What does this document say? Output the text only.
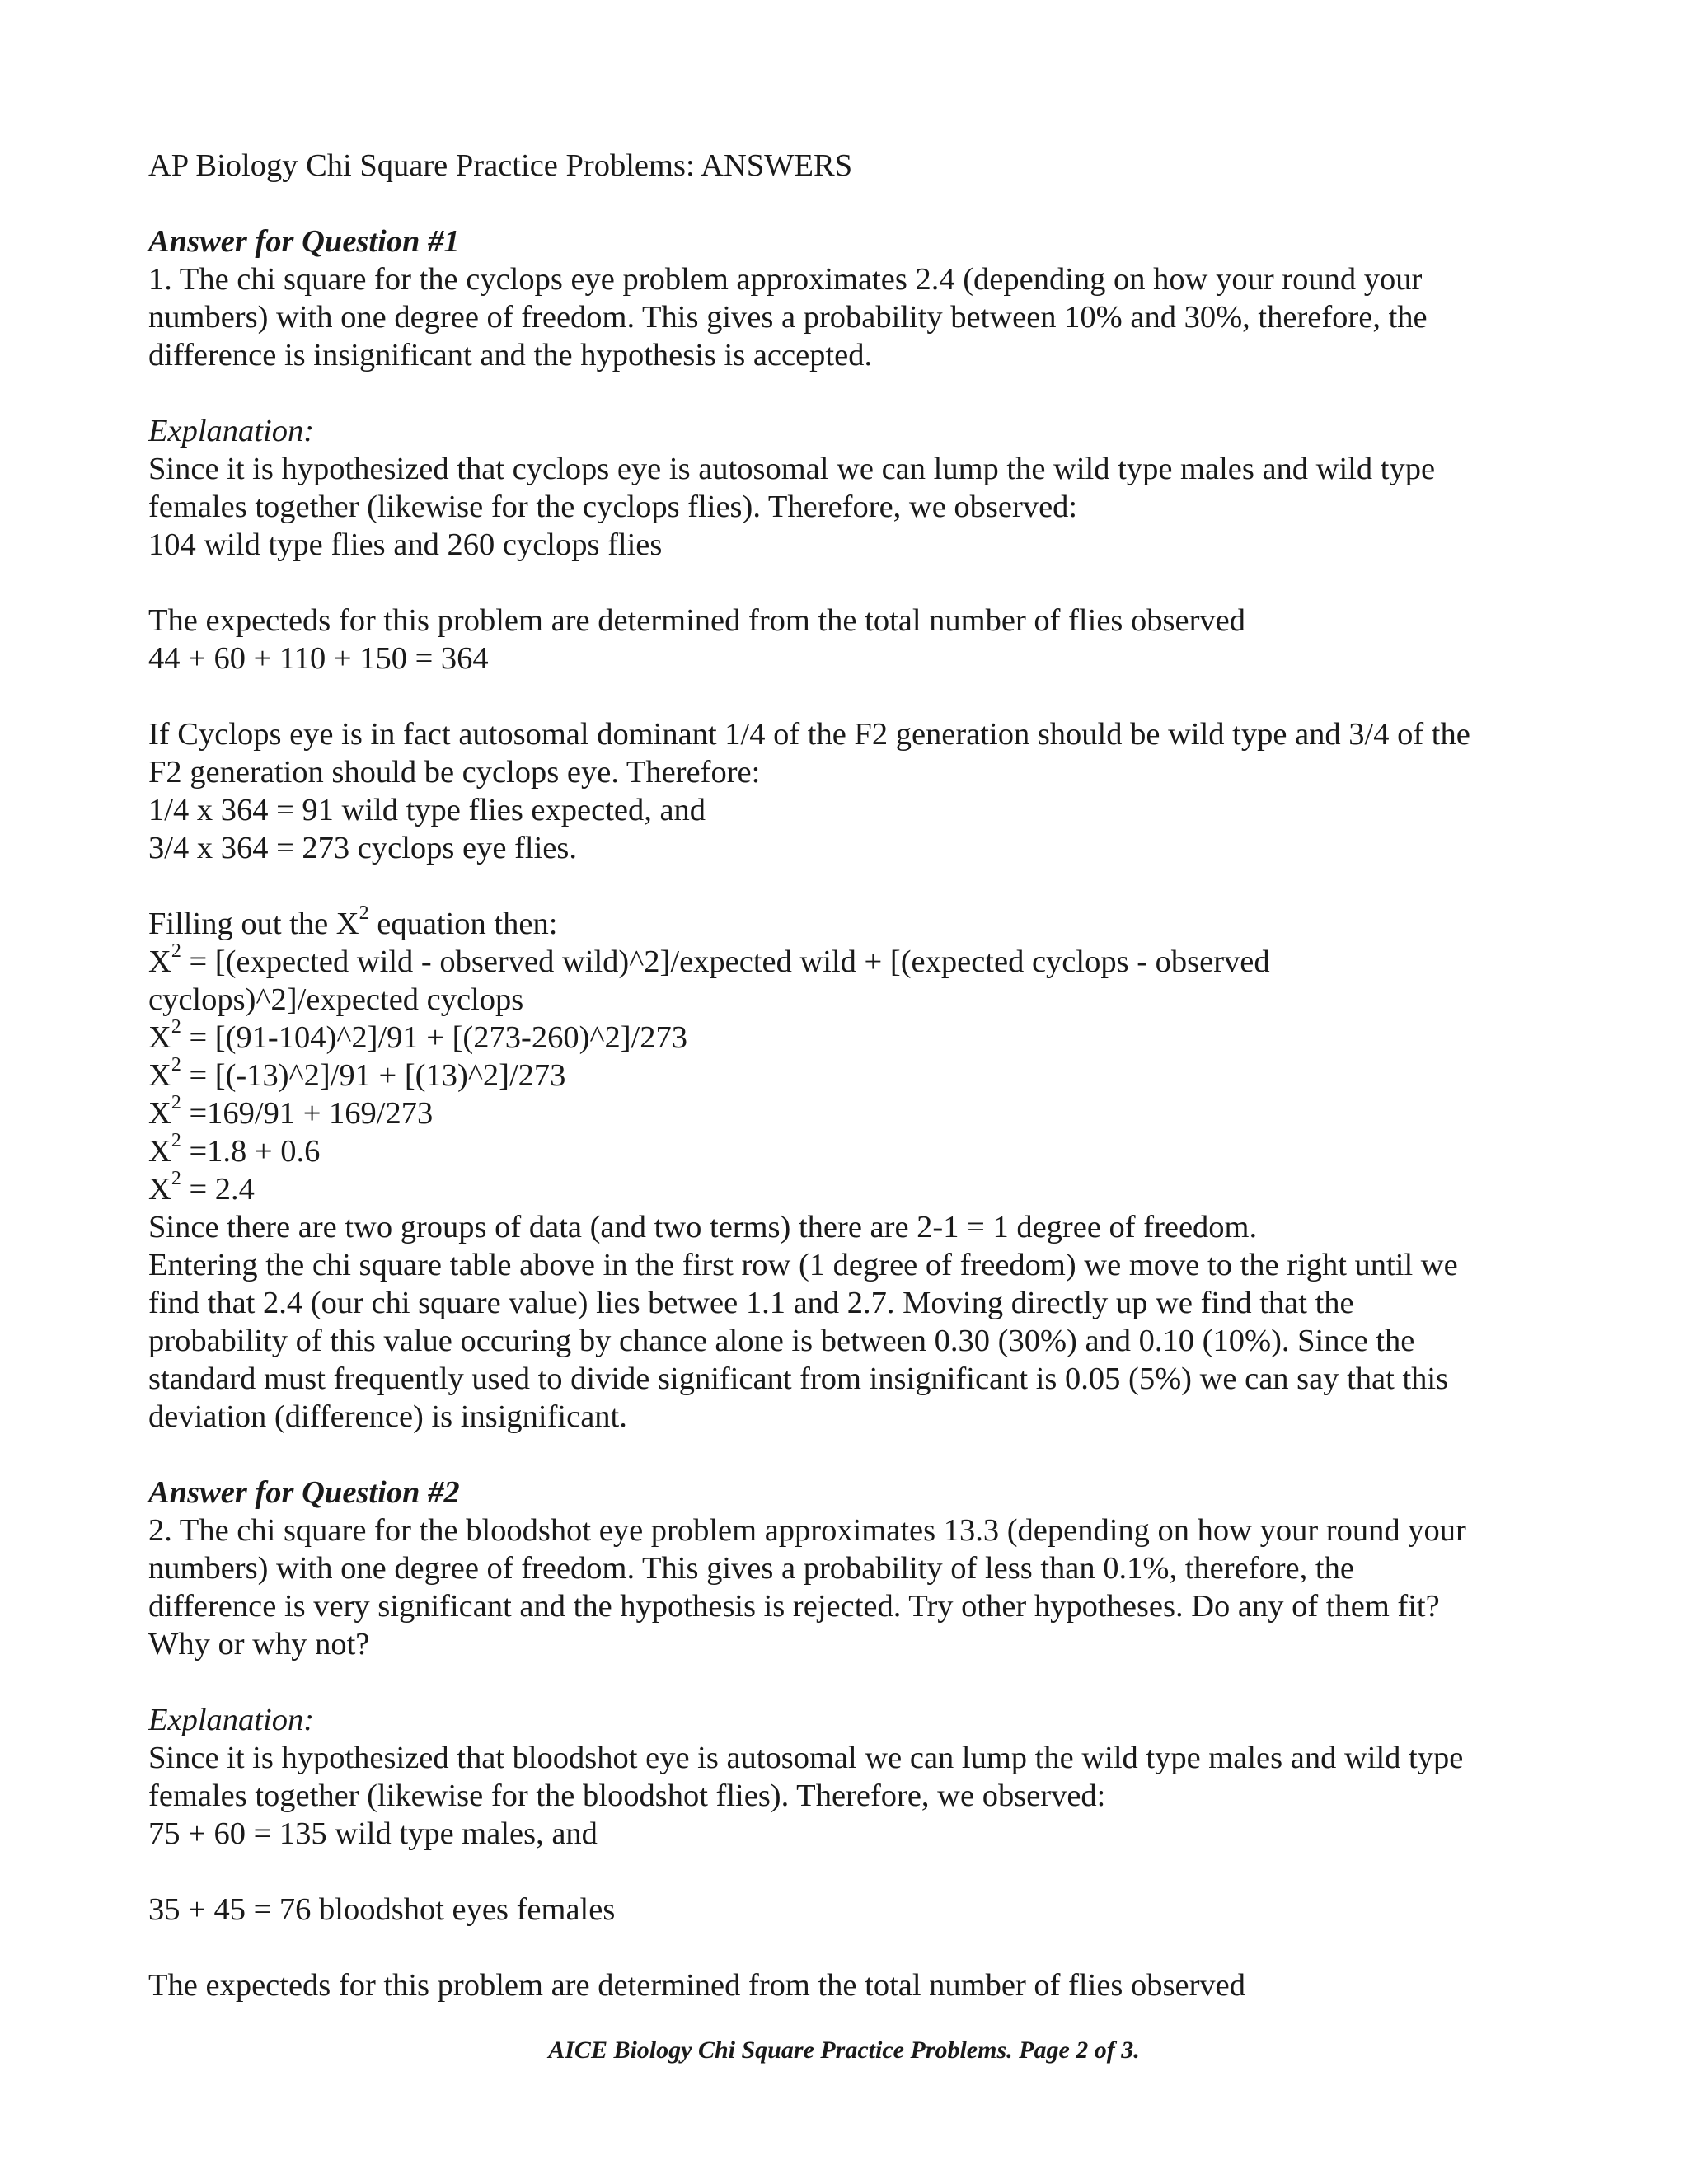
AP Biology Chi Square Practice Problems: ANSWERS
Answer for Question #1
1. The chi square for the cyclops eye problem approximates 2.4 (depending on how your round your
numbers) with one degree of freedom. This gives a probability between 10% and 30%, therefore, the
difference is insignificant and the hypothesis is accepted.
Explanation:
Since it is hypothesized that cyclops eye is autosomal we can lump the wild type males and wild type
females together (likewise for the cyclops flies). Therefore, we observed:
104 wild type flies and 260 cyclops flies
The expecteds for this problem are determined from the total number of flies observed
44 + 60 + 110 + 150 = 364
If Cyclops eye is in fact autosomal dominant 1/4 of the F2 generation should be wild type and 3/4 of the
F2 generation should be cyclops eye. Therefore:
1/4 x 364 = 91 wild type flies expected, and
3/4 x 364 = 273 cyclops eye flies.
Filling out the $X^2$ equation then:
$X^2$ = [(expected wild - observed wild)^2]/expected wild + [(expected cyclops - observed
cyclops)^2]/expected cyclops
$X^2$ = [(91-104)^2]/91 + [(273-260)^2]/273
$X^2$ = [(-13)^2]/91 + [(13)^2]/273
$X^2 =169/91 + 169/273$
$X^2 =1.8 + 0.6$
$X^2 = 2.4$
Since there are two groups of data (and two terms) there are 2-1 = 1 degree of freedom.
Entering the chi square table above in the first row (1 degree of freedom) we move to the right until we
find that 2.4 (our chi square value) lies betwee 1.1 and 2.7. Moving directly up we find that the
probability of this value occuring by chance alone is between 0.30 (30%) and 0.10 (10%). Since the
standard must frequently used to divide significant from insignificant is 0.05 (5%) we can say that this
deviation (difference) is insignificant.
Answer for Question #2
2. The chi square for the bloodshot eye problem approximates 13.3 (depending on how your round your
numbers) with one degree of freedom. This gives a probability of less than 0.1%, therefore, the
difference is very significant and the hypothesis is rejected. Try other hypotheses. Do any of them fit?
Why or why not?
Explanation:
Since it is hypothesized that bloodshot eye is autosomal we can lump the wild type males and wild type
females together (likewise for the bloodshot flies). Therefore, we observed:
75 + 60 = 135 wild type males, and
35 + 45 = 76 bloodshot eyes females
The expecteds for this problem are determined from the total number of flies observed
AICE Biology Chi Square Practice Problems. Page 2 of 3.
